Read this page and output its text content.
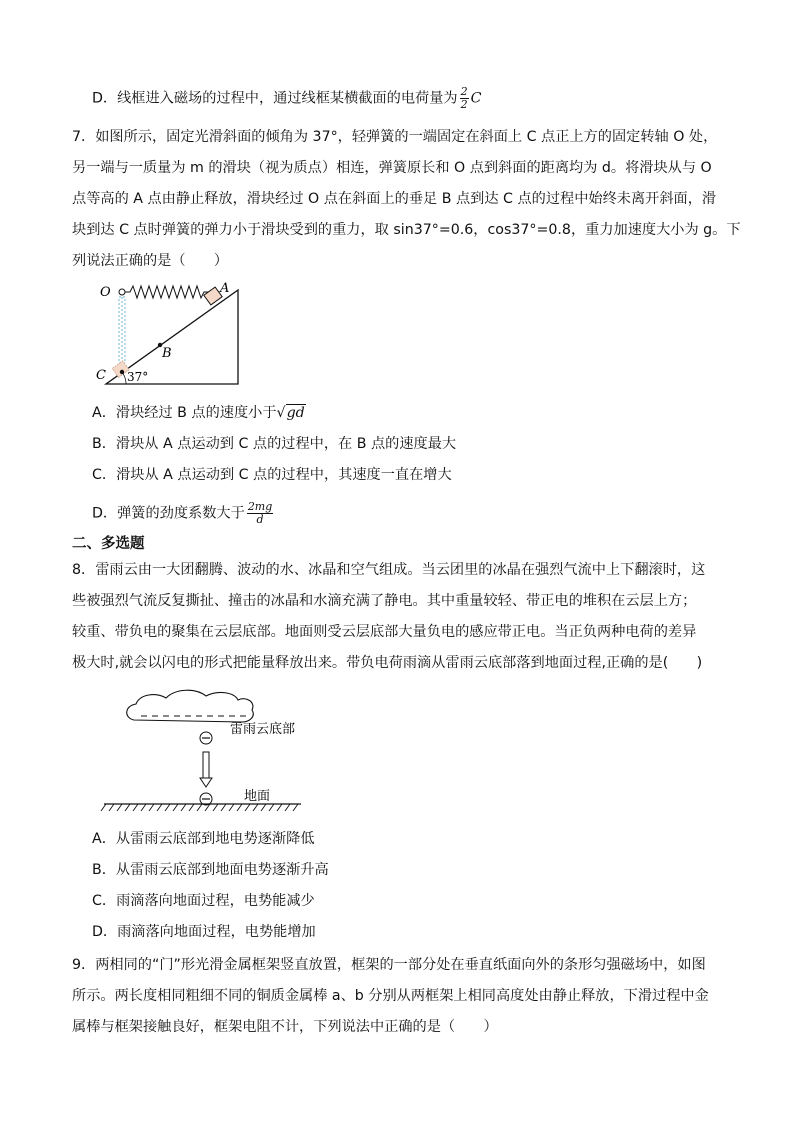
D．线框进入磁场的过程中，通过线框某横截面的电荷量为 $\frac{2}{2}$ C
7．如图所示，固定光滑斜面的倾角为 37°，轻弹簧的一端固定在斜面上 C 点正上方的固定转轴 O 处，
另一端与一质量为 m 的滑块（视为质点）相连，弹簧原长和 O 点到斜面的距离均为 d。将滑块从与 O
点等高的 A 点由静止释放，滑块经过 O 点在斜面上的垂足 B 点到达 C 点的过程中始终未离开斜面，滑
块到达 C 点时弹簧的弹力小于滑块受到的重力，取 sin37°=0.6，cos37°=0.8，重力加速度大小为 g。下
列说法正确的是（　　）
O	A
B
C 37°
A．滑块经过 B 点的速度小于√gd
B．滑块从 A 点运动到 C 点的过程中，在 B 点的速度最大
C．滑块从 A 点运动到 C 点的过程中，其速度一直在增大
D．弹簧的劲度系数大于 $\frac{2mg}{d}$
二、多选题
8．雷雨云由一大团翻腾、波动的水、冰晶和空气组成。当云团里的冰晶在强烈气流中上下翻滚时，这
些被强烈气流反复撕扯、撞击的冰晶和水滴充满了静电。其中重量较轻、带正电的堆积在云层上方；
较重、带负电的聚集在云层底部。地面则受云层底部大量负电的感应带正电。当正负两种电荷的差异
极大时,就会以闪电的形式把能量释放出来。带负电荷雨滴从雷雨云底部落到地面过程,正确的是(　　)
雷雨云底部
地面
A．从雷雨云底部到地电势逐渐降低
B．从雷雨云底部到地面电势逐渐升高
C．雨滴落向地面过程，电势能减少
D．雨滴落向地面过程，电势能增加
9．两相同的“门”形光滑金属框架竖直放置，框架的一部分处在垂直纸面向外的条形匀强磁场中，如图
所示。两长度相同粗细不同的铜质金属棒 a、b 分别从两框架上相同高度处由静止释放，下滑过程中金
属棒与框架接触良好，框架电阻不计，下列说法中正确的是（　　）
